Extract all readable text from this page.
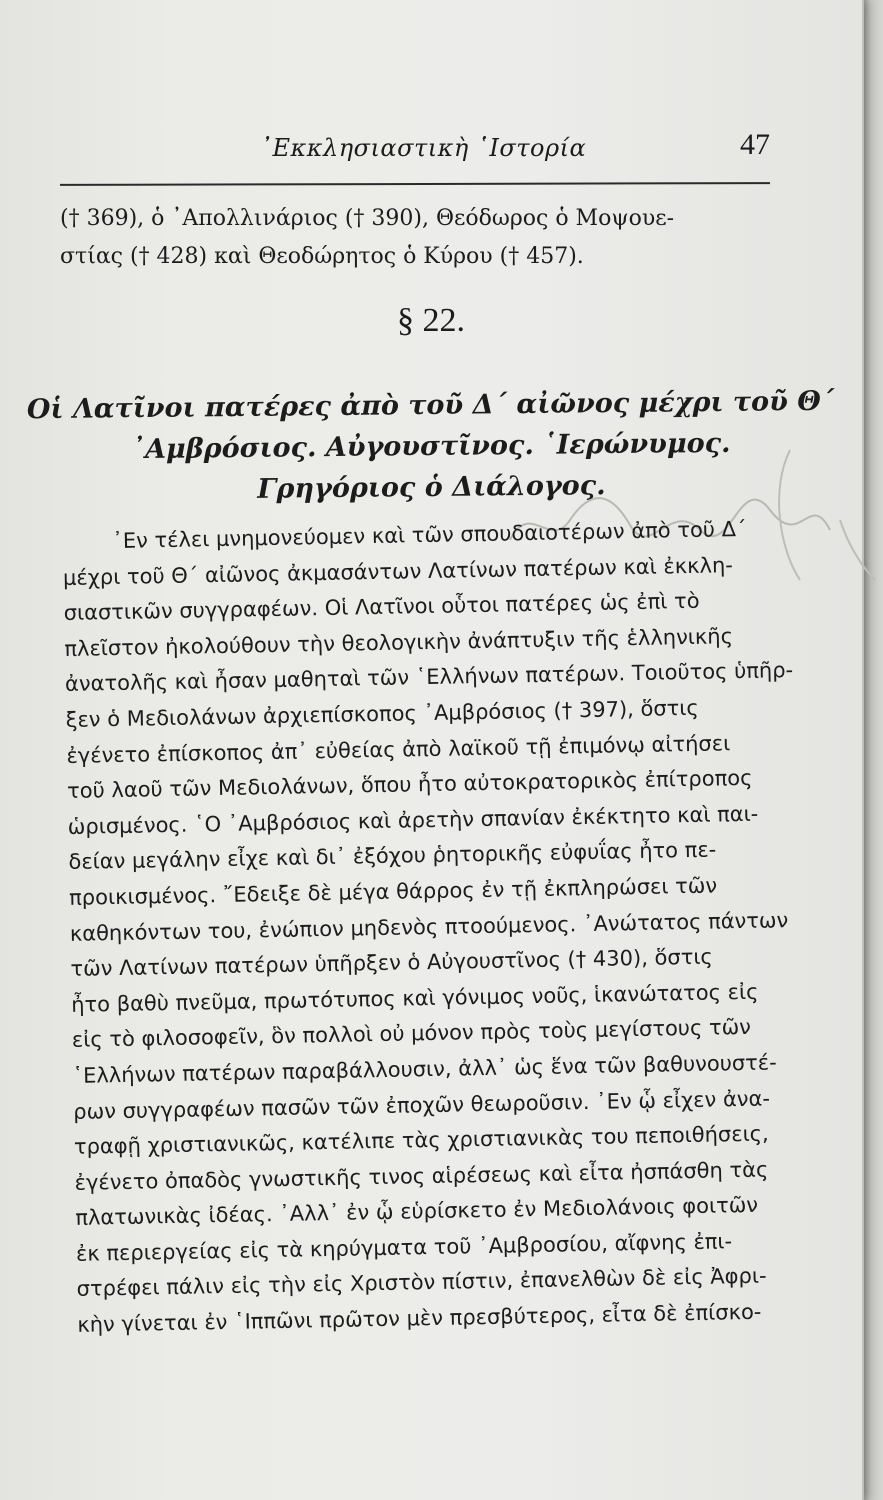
᾿Εκκλησιαστικὴ ῾Ιστορία	47
(† 369), ὁ ᾿Απολλινάριος († 390), Θεόδωρος ὁ Μοψουε-
στίας († 428) καὶ Θεοδώρητος ὁ Κύρου († 457).
§ 22.
Οἱ Λατῖνοι πατέρες ἀπὸ τοῦ Δ΄ αἰῶνος μέχρι τοῦ Θ΄
᾿Αμβρόσιος. Αὐγουστῖνος. ῾Ιερώνυμος.
Γρηγόριος ὁ Διάλογος.
᾿Εν τέλει μνημονεύομεν καὶ τῶν σπουδαιοτέρων ἀπὸ τοῦ Δ΄
μέχρι τοῦ Θ΄ αἰῶνος ἀκμασάντων Λατίνων πατέρων καὶ ἐκκλη-
σιαστικῶν συγγραφέων. Οἱ Λατῖνοι οὗτοι πατέρες ὡς ἐπὶ τὸ
πλεῖστον ἠκολούθουν τὴν θεολογικὴν ἀνάπτυξιν τῆς ἑλληνικῆς
ἀνατολῆς καὶ ἦσαν μαθηταὶ τῶν ῾Ελλήνων πατέρων. Τοιοῦτος ὑπῆρ-
ξεν ὁ Μεδιολάνων ἀρχιεπίσκοπος ᾿Αμβρόσιος († 397), ὅστις
ἐγένετο ἐπίσκοπος ἀπ᾿ εὐθείας ἀπὸ λαϊκοῦ τῇ ἐπιμόνῳ αἰτήσει
τοῦ λαοῦ τῶν Μεδιολάνων, ὅπου ἦτο αὐτοκρατορικὸς ἐπίτροπος
ὡρισμένος. ῾Ο ᾿Αμβρόσιος καὶ ἀρετὴν σπανίαν ἐκέκτητο καὶ παι-
δείαν μεγάλην εἶχε καὶ δι᾿ ἐξόχου ῥητορικῆς εὐφυΐας ἦτο πε-
προικισμένος. ῎Εδειξε δὲ μέγα θάρρος ἐν τῇ ἐκπληρώσει τῶν
καθηκόντων του, ἐνώπιον μηδενὸς πτοούμενος. ᾿Ανώτατος πάντων
τῶν Λατίνων πατέρων ὑπῆρξεν ὁ Αὐγουστῖνος († 430), ὅστις
ἦτο βαθὺ πνεῦμα, πρωτότυπος καὶ γόνιμος νοῦς, ἱκανώτατος εἰς
εἰς τὸ φιλοσοφεῖν, ὃν πολλοὶ οὐ μόνον πρὸς τοὺς μεγίστους τῶν
῾Ελλήνων πατέρων παραβάλλουσιν, ἀλλ᾿ ὡς ἕνα τῶν βαθυνουστέ-
ρων συγγραφέων πασῶν τῶν ἐποχῶν θεωροῦσιν. ᾿Εν ᾧ εἶχεν ἀνα-
τραφῇ χριστιανικῶς, κατέλιπε τὰς χριστιανικὰς του πεποιθήσεις,
ἐγένετο ὀπαδὸς γνωστικῆς τινος αἱρέσεως καὶ εἶτα ἠσπάσθη τὰς
πλατωνικὰς ἰδέας. ᾿Αλλ᾿ ἐν ᾧ εὑρίσκετο ἐν Μεδιολάνοις φοιτῶν
ἐκ περιεργείας εἰς τὰ κηρύγματα τοῦ ᾿Αμβροσίου, αἴφνης ἐπι-
στρέφει πάλιν εἰς τὴν εἰς Χριστὸν πίστιν, ἐπανελθὼν δὲ εἰς Ἀφρι-
κὴν γίνεται ἐν ῾Ιππῶνι πρῶτον μὲν πρεσβύτερος, εἶτα δὲ ἐπίσκο-
